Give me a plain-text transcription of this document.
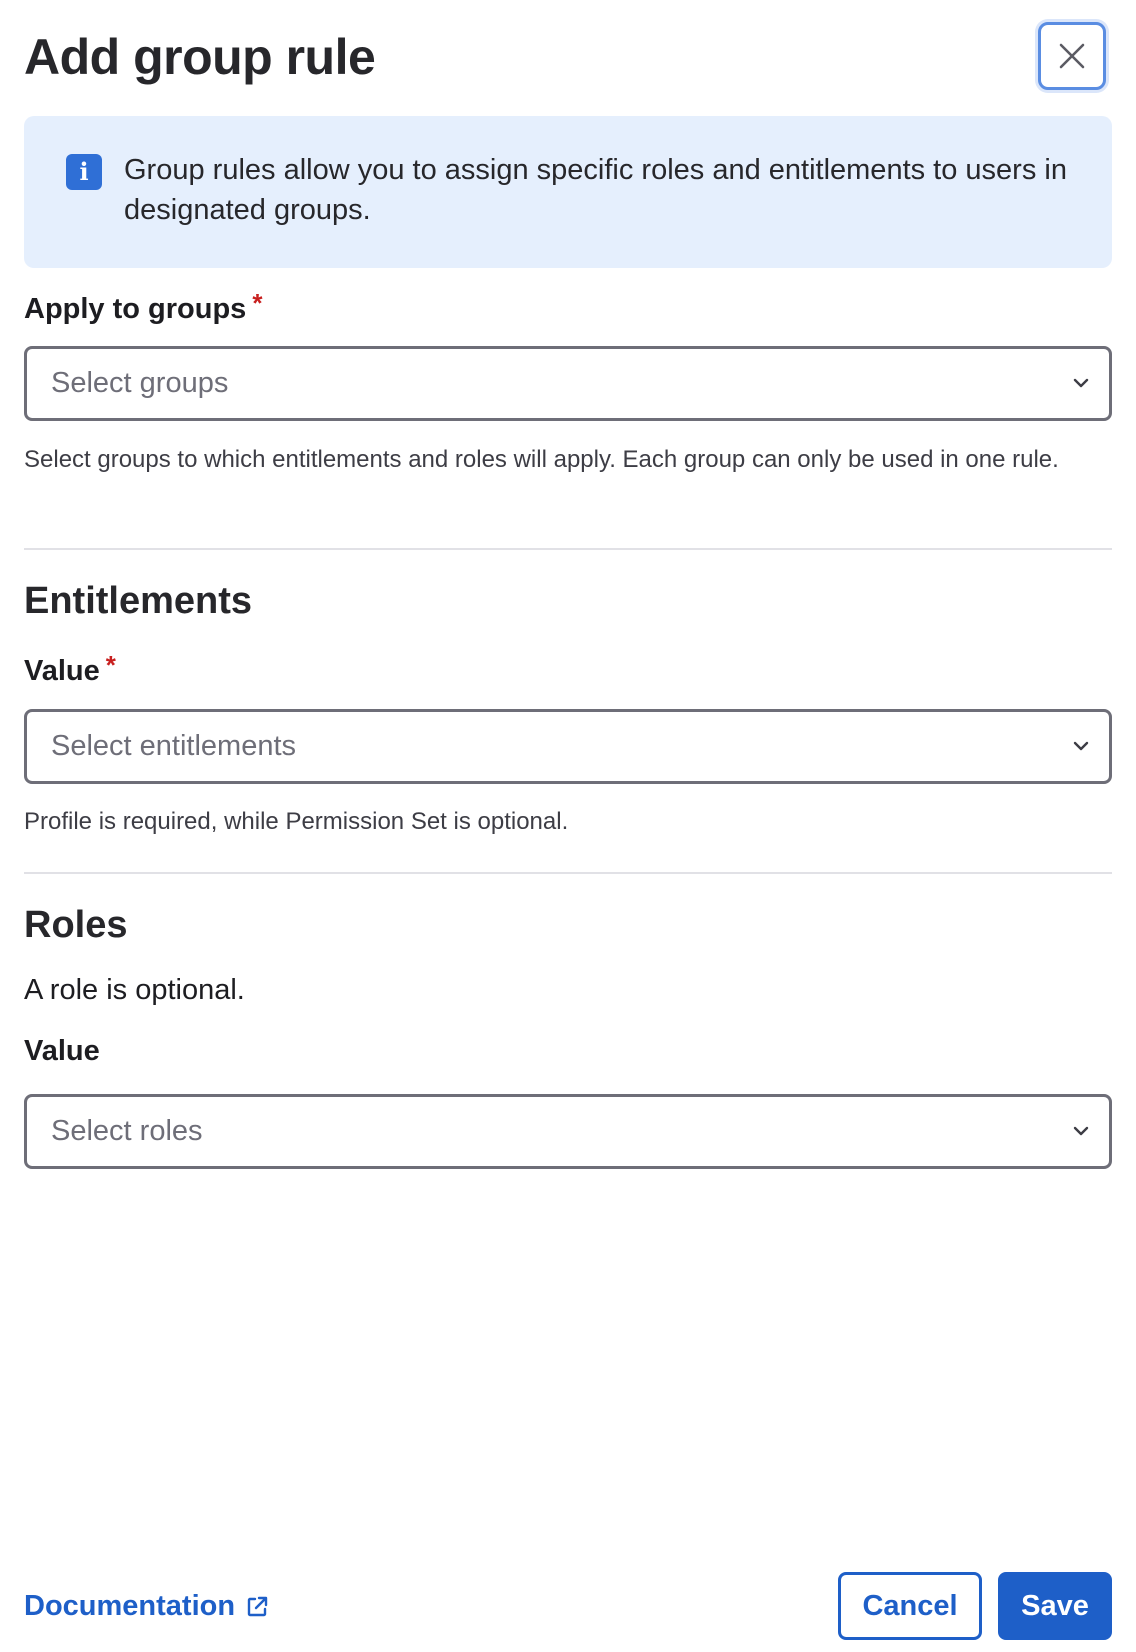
Add group rule
i Group rules allow you to assign specific roles and entitlements to users in designated groups.
Apply to groups *
Select groups
Select groups to which entitlements and roles will apply. Each group can only be used in one rule.
Entitlements
Value *
Select entitlements
Profile is required, while Permission Set is optional.
Roles
A role is optional.
Value
Select roles
Documentation	Cancel	Save
